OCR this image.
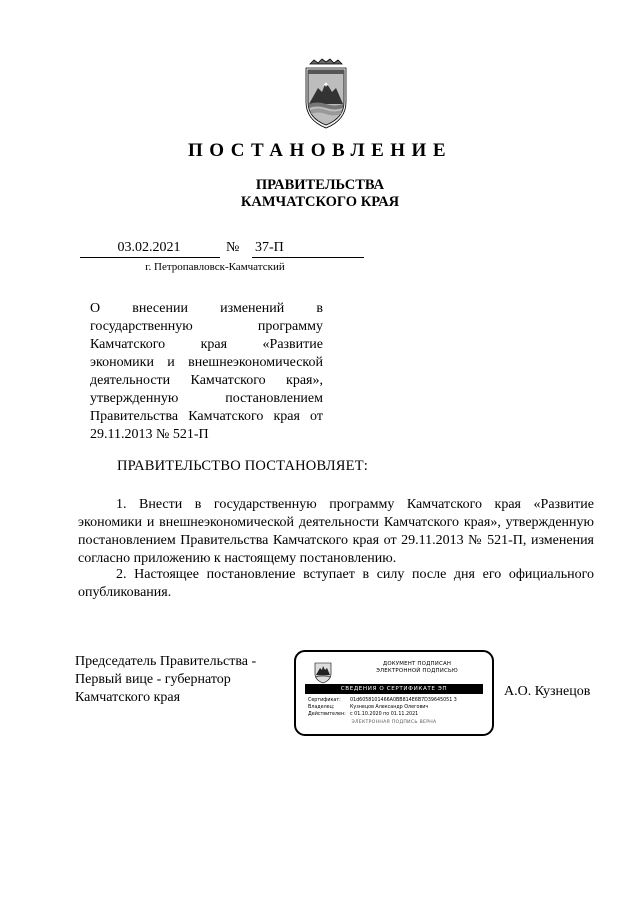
ПОСТАНОВЛЕНИЕ
ПРАВИТЕЛЬСТВА
КАМЧАТСКОГО КРАЯ
03.02.2021	№ 37-П
г. Петропавловск-Камчатский
О внесении изменений в государственную программу Камчатского края «Развитие экономики и внешнеэкономической деятельности Камчатского края», утвержденную постановлением Правительства Камчатского края от 29.11.2013 № 521-П
ПРАВИТЕЛЬСТВО ПОСТАНОВЛЯЕТ:
1. Внести в государственную программу Камчатского края «Развитие экономики и внешнеэкономической деятельности Камчатского края», утвержденную постановлением Правительства Камчатского края от 29.11.2013 № 521-П, изменения согласно приложению к настоящему постановлению.
2. Настоящее постановление вступает в силу после дня его официального опубликования.
Председатель Правительства -
Первый вице - губернатор
Камчатского края
ДОКУМЕНТ ПОДПИСАН
ЭЛЕКТРОННОЙ ПОДПИСЬЮ
СВЕДЕНИЯ О СЕРТИФИКАТЕ ЭП
Сертификат: 01d6058101466A0BB814E6B7D39645051 3
Владелец:	Кузнецов Александр Олегович
Действителен: с 01.10.2020 по 01.11.2021
ЭЛЕКТРОННАЯ ПОДПИСЬ ВЕРНА
А.О. Кузнецов
